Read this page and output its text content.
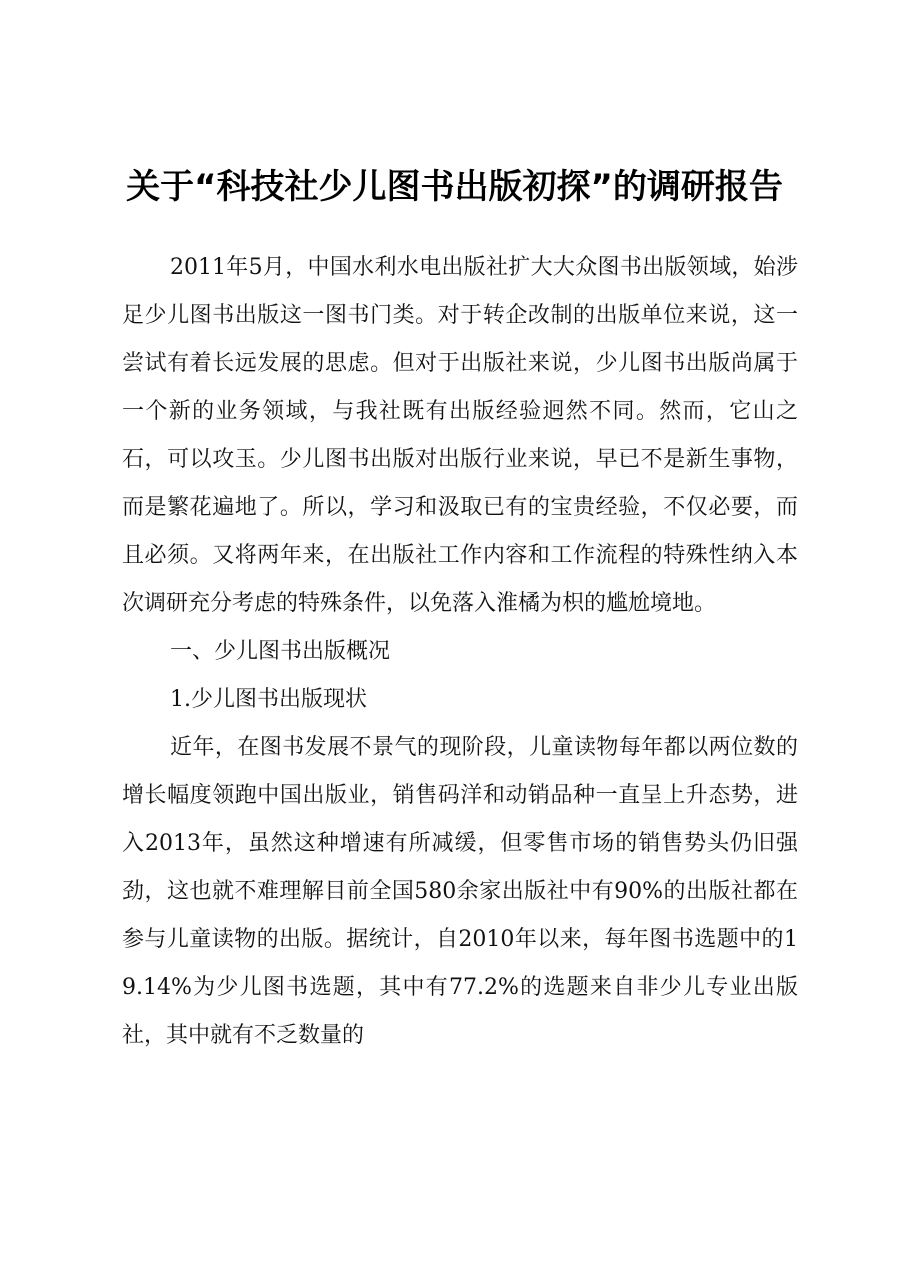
关于“科技社少儿图书出版初探”的调研报告

2011年5月，中国水利水电出版社扩大大众图书出版领域，始涉足少儿图书出版这一图书门类。对于转企改制的出版单位来说，这一尝试有着长远发展的思虑。但对于出版社来说，少儿图书出版尚属于一个新的业务领域，与我社既有出版经验迥然不同。然而，它山之石，可以攻玉。少儿图书出版对出版行业来说，早已不是新生事物，而是繁花遍地了。所以，学习和汲取已有的宝贵经验，不仅必要，而且必须。又将两年来，在出版社工作内容和工作流程的特殊性纳入本次调研充分考虑的特殊条件，以免落入淮橘为枳的尴尬境地。

一、少儿图书出版概况

1.少儿图书出版现状

近年，在图书发展不景气的现阶段，儿童读物每年都以两位数的增长幅度领跑中国出版业，销售码洋和动销品种一直呈上升态势，进入2013年，虽然这种增速有所减缓，但零售市场的销售势头仍旧强劲，这也就不难理解目前全国580余家出版社中有90%的出版社都在参与儿童读物的出版。据统计，自2010年以来，每年图书选题中的19.14%为少儿图书选题，其中有77.2%的选题来自非少儿专业出版社，其中就有不乏数量的
